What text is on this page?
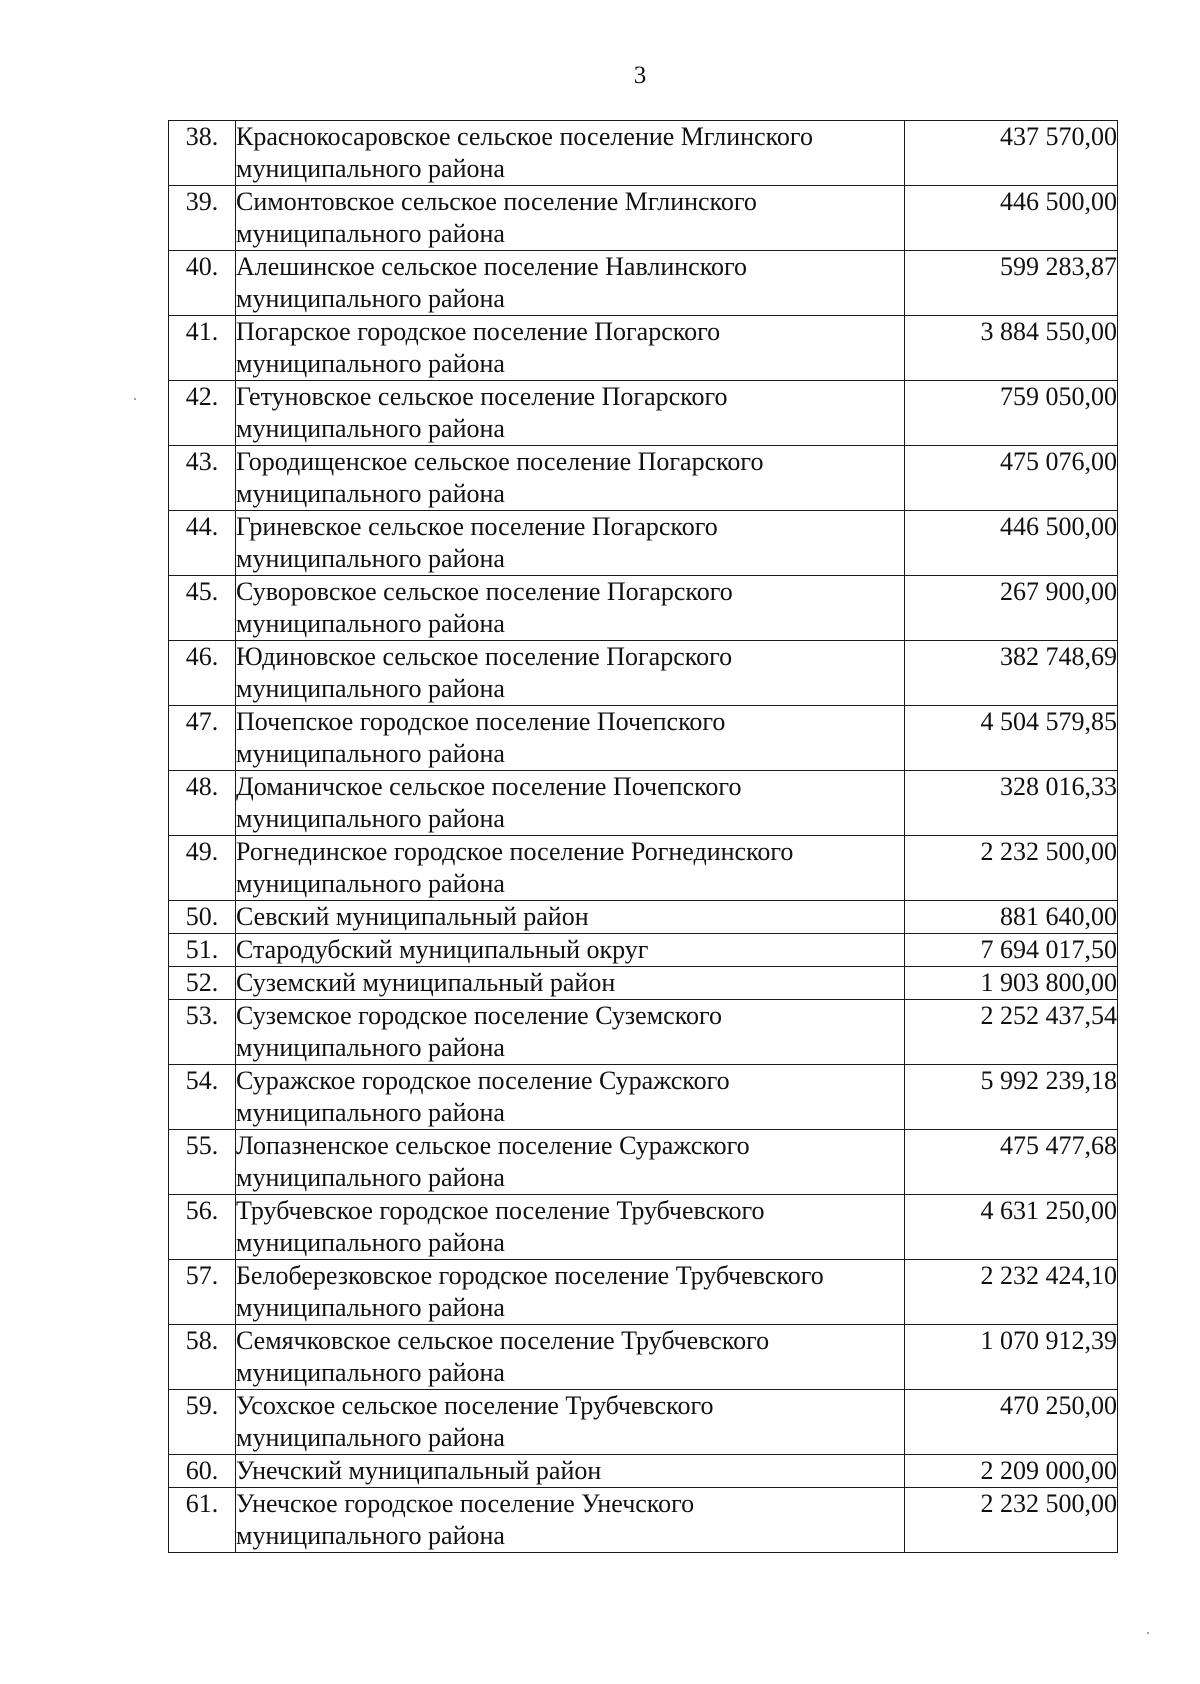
3
38.	Краснокосаровское сельское поселение Мглинского
муниципального района	437 570,00
39.	Симонтовское сельское поселение Мглинского
муниципального района	446 500,00
40.	Алешинское сельское поселение Навлинского
муниципального района	599 283,87
41.	Погарское городское поселение Погарского
муниципального района	3 884 550,00
42.	Гетуновское сельское поселение Погарского
муниципального района	759 050,00
43.	Городищенское сельское поселение Погарского
муниципального района	475 076,00
44.	Гриневское сельское поселение Погарского
муниципального района	446 500,00
45.	Суворовское сельское поселение Погарского
муниципального района	267 900,00
46.	Юдиновское сельское поселение Погарского
муниципального района	382 748,69
47.	Почепское городское поселение Почепского
муниципального района	4 504 579,85
48.	Доманичское сельское поселение Почепского
муниципального района	328 016,33
49.	Рогнединское городское поселение Рогнединского
муниципального района	2 232 500,00
50.	Севский муниципальный район	881 640,00
51.	Стародубский муниципальный округ	7 694 017,50
52.	Суземский муниципальный район	1 903 800,00
53.	Суземское городское поселение Суземского
муниципального района	2 252 437,54
54.	Суражское городское поселение Суражского
муниципального района	5 992 239,18
55.	Лопазненское сельское поселение Суражского
муниципального района	475 477,68
56.	Трубчевское городское поселение Трубчевского
муниципального района	4 631 250,00
57.	Белоберезковское городское поселение Трубчевского
муниципального района	2 232 424,10
58.	Семячковское сельское поселение Трубчевского
муниципального района	1 070 912,39
59.	Усохское сельское поселение Трубчевского
муниципального района	470 250,00
60.	Унечский муниципальный район	2 209 000,00
61.	Унечское городское поселение Унечского
муниципального района	2 232 500,00
